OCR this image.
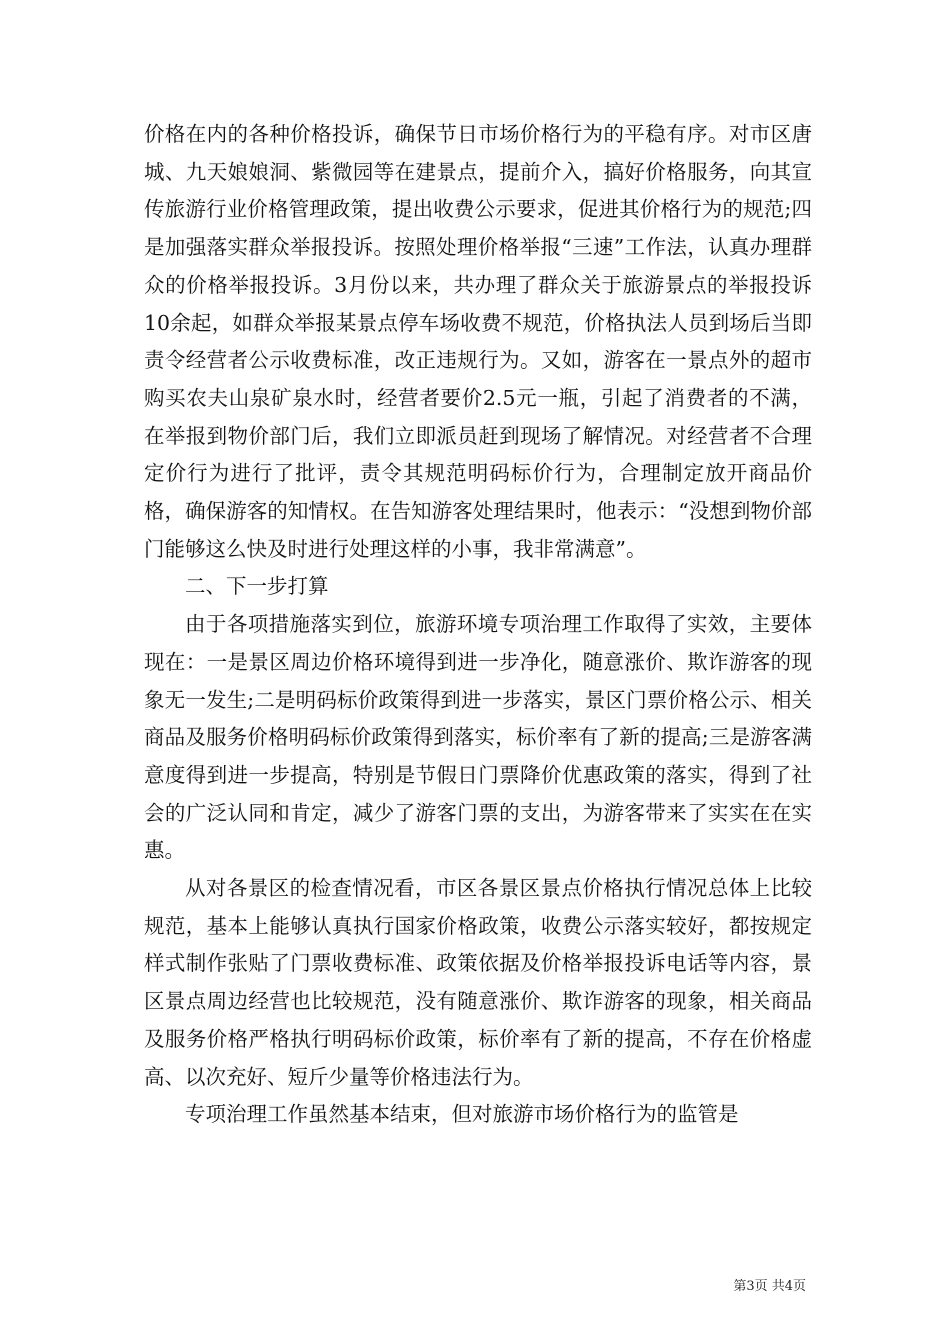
价格在内的各种价格投诉，确保节日市场价格行为的平稳有序。对市区唐城、九天娘娘洞、紫微园等在建景点，提前介入，搞好价格服务，向其宣传旅游行业价格管理政策，提出收费公示要求，促进其价格行为的规范;四是加强落实群众举报投诉。按照处理价格举报“三速”工作法，认真办理群众的价格举报投诉。3月份以来，共办理了群众关于旅游景点的举报投诉10余起，如群众举报某景点停车场收费不规范，价格执法人员到场后当即责令经营者公示收费标准，改正违规行为。又如，游客在一景点外的超市购买农夫山泉矿泉水时，经营者要价2.5元一瓶，引起了消费者的不满，在举报到物价部门后，我们立即派员赶到现场了解情况。对经营者不合理定价行为进行了批评，责令其规范明码标价行为，合理制定放开商品价格，确保游客的知情权。在告知游客处理结果时，他表示：“没想到物价部门能够这么快及时进行处理这样的小事，我非常满意”。

二、下一步打算

由于各项措施落实到位，旅游环境专项治理工作取得了实效，主要体现在：一是景区周边价格环境得到进一步净化，随意涨价、欺诈游客的现象无一发生;二是明码标价政策得到进一步落实，景区门票价格公示、相关商品及服务价格明码标价政策得到落实，标价率有了新的提高;三是游客满意度得到进一步提高，特别是节假日门票降价优惠政策的落实，得到了社会的广泛认同和肯定，减少了游客门票的支出，为游客带来了实实在在实惠。

从对各景区的检查情况看，市区各景区景点价格执行情况总体上比较规范，基本上能够认真执行国家价格政策，收费公示落实较好，都按规定样式制作张贴了门票收费标准、政策依据及价格举报投诉电话等内容，景区景点周边经营也比较规范，没有随意涨价、欺诈游客的现象，相关商品及服务价格严格执行明码标价政策，标价率有了新的提高，不存在价格虚高、以次充好、短斤少量等价格违法行为。

专项治理工作虽然基本结束，但对旅游市场价格行为的监管是

第3页 共4页
